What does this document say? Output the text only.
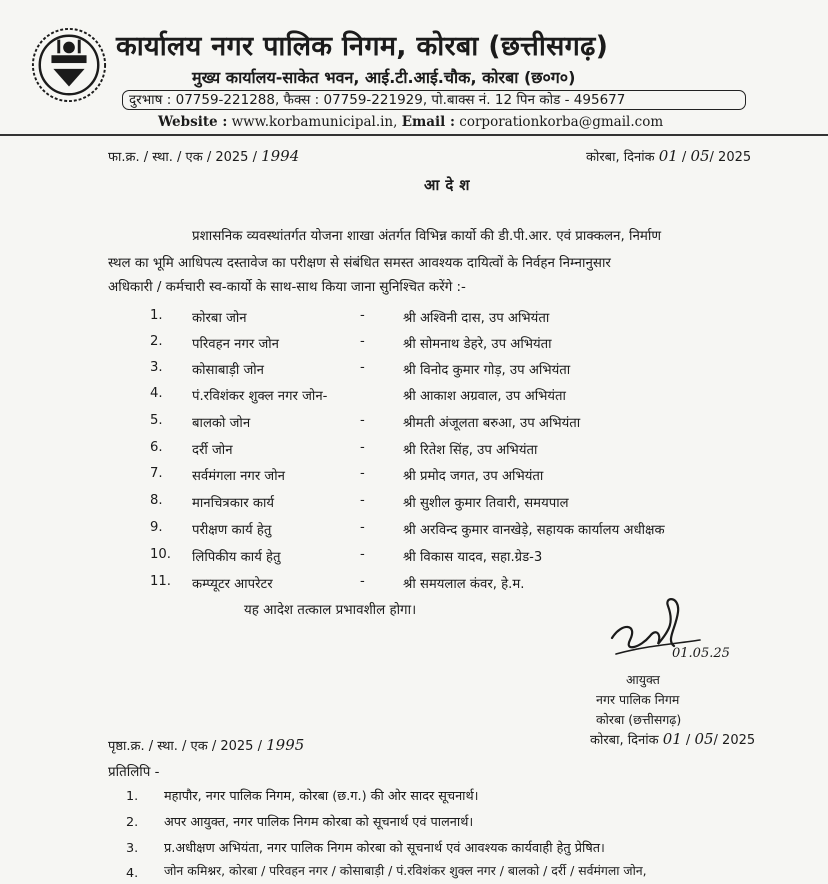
कार्यालय नगर पालिक निगम, कोरबा (छत्तीसगढ़)
मुख्य कार्यालय-साकेत भवन, आई.टी.आई.चौक, कोरबा (छ०ग०)
दुरभाष : 07759-221288, फैक्स : 07759-221929, पो.बाक्स नं. 12 पिन कोड - 495677
Website : www.korbamunicipal.in, Email : corporationkorba@gmail.com
फा.क्र. / स्था. / एक / 2025 / 1994	कोरबा, दिनांक 01 / 05/ 2025
आदेश
प्रशासनिक व्यवस्थांतर्गत योजना शाखा अंतर्गत विभिन्न कार्यो की डी.पी.आर. एवं प्राक्कलन, निर्माण
स्थल का भूमि आधिपत्य दस्तावेज का परीक्षण से संबंधित समस्त आवश्यक दायित्वों के निर्वहन निम्नानुसार
अधिकारी / कर्मचारी स्व-कार्यो के साथ-साथ किया जाना सुनिश्चित करेंगे :-
1. कोरबा जोन	-	श्री अश्विनी दास, उप अभियंता
2. परिवहन नगर जोन	-	श्री सोमनाथ डेहरे, उप अभियंता
3. कोसाबाड़ी जोन	-	श्री विनोद कुमार गोड़, उप अभियंता
4. पं.रविशंकर शुक्ल नगर जोन-	श्री आकाश अग्रवाल, उप अभियंता
5. बालको जोन	-	श्रीमती अंजूलता बरुआ, उप अभियंता
6. दर्री जोन	-	श्री रितेश सिंह, उप अभियंता
7. सर्वमंगला नगर जोन	-	श्री प्रमोद जगत, उप अभियंता
8. मानचित्रकार कार्य	-	श्री सुशील कुमार तिवारी, समयपाल
9. परीक्षण कार्य हेतु	-	श्री अरविन्द कुमार वानखेड़े, सहायक कार्यालय अधीक्षक
10. लिपिकीय कार्य हेतु	-	श्री विकास यादव, सहा.ग्रेड-3
11. कम्प्यूटर आपरेटर	-	श्री समयलाल कंवर, हे.म.
यह आदेश तत्काल प्रभावशील होगा।
01.05.25
आयुक्त
नगर पालिक निगम
कोरबा (छत्तीसगढ़)
पृष्ठा.क्र. / स्था. / एक / 2025 / 1995	कोरबा, दिनांक 01 / 05/ 2025
प्रतिलिपि -
1. महापौर, नगर पालिक निगम, कोरबा (छ.ग.) की ओर सादर सूचनार्थ।
2. अपर आयुक्त, नगर पालिक निगम कोरबा को सूचनार्थ एवं पालनार्थ।
3. प्र.अधीक्षण अभियंता, नगर पालिक निगम कोरबा को सूचनार्थ एवं आवश्यक कार्यवाही हेतु प्रेषित।
4. जोन कमिश्नर, कोरबा / परिवहन नगर / कोसाबाड़ी / पं.रविशंकर शुक्ल नगर / बालको / दर्री / सर्वमंगला जोन,
